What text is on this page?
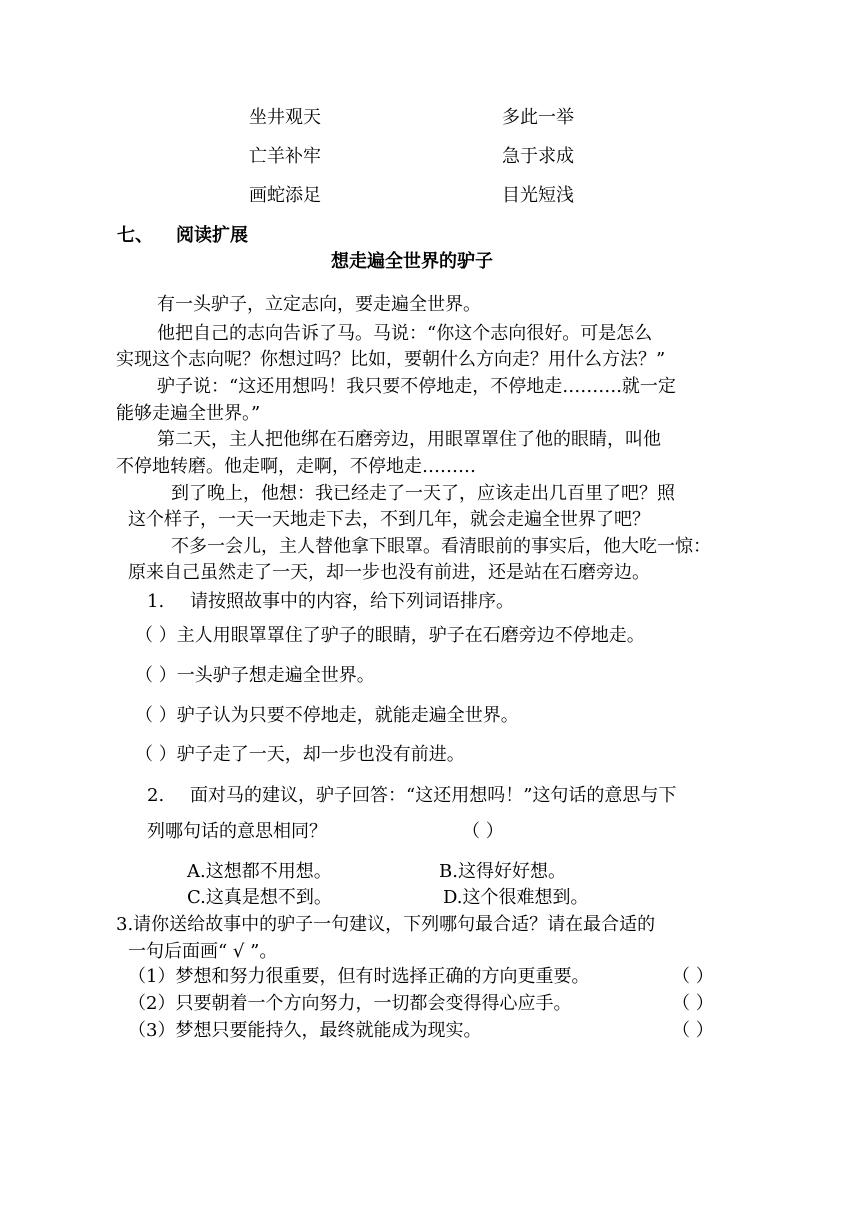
坐井观天	多此一举
亡羊补牢	急于求成
画蛇添足	目光短浅
七、 阅读扩展
想走遍全世界的驴子
有一头驴子，立定志向，要走遍全世界。
他把自己的志向告诉了马。马说：“你这个志向很好。可是怎么
实现这个志向呢？你想过吗？比如，要朝什么方向走？用什么方法？”
驴子说：“这还用想吗！我只要不停地走，不停地走……….就一定
能够走遍全世界。”
第二天，主人把他绑在石磨旁边，用眼罩罩住了他的眼睛，叫他
不停地转磨。他走啊，走啊，不停地走………
到了晚上，他想：我已经走了一天了，应该走出几百里了吧？照
这个样子，一天一天地走下去，不到几年，就会走遍全世界了吧？
不多一会儿，主人替他拿下眼罩。看清眼前的事实后，他大吃一惊：
原来自己虽然走了一天，却一步也没有前进，还是站在石磨旁边。
1. 请按照故事中的内容，给下列词语排序。
（ ）主人用眼罩罩住了驴子的眼睛，驴子在石磨旁边不停地走。
（ ）一头驴子想走遍全世界。
（ ）驴子认为只要不停地走，就能走遍全世界。
（ ）驴子走了一天，却一步也没有前进。
2. 面对马的建议，驴子回答：“这还用想吗！”这句话的意思与下
列哪句话的意思相同？	（ ）
A.这想都不用想。	B.这得好好想。
C.这真是想不到。	D.这个很难想到。
3.请你送给故事中的驴子一句建议，下列哪句最合适？请在最合适的
一句后面画“ √ ”。
（1）梦想和努力很重要，但有时选择正确的方向更重要。	（ ）
（2）只要朝着一个方向努力，一切都会变得得心应手。	（ ）
（3）梦想只要能持久，最终就能成为现实。	（ ）
